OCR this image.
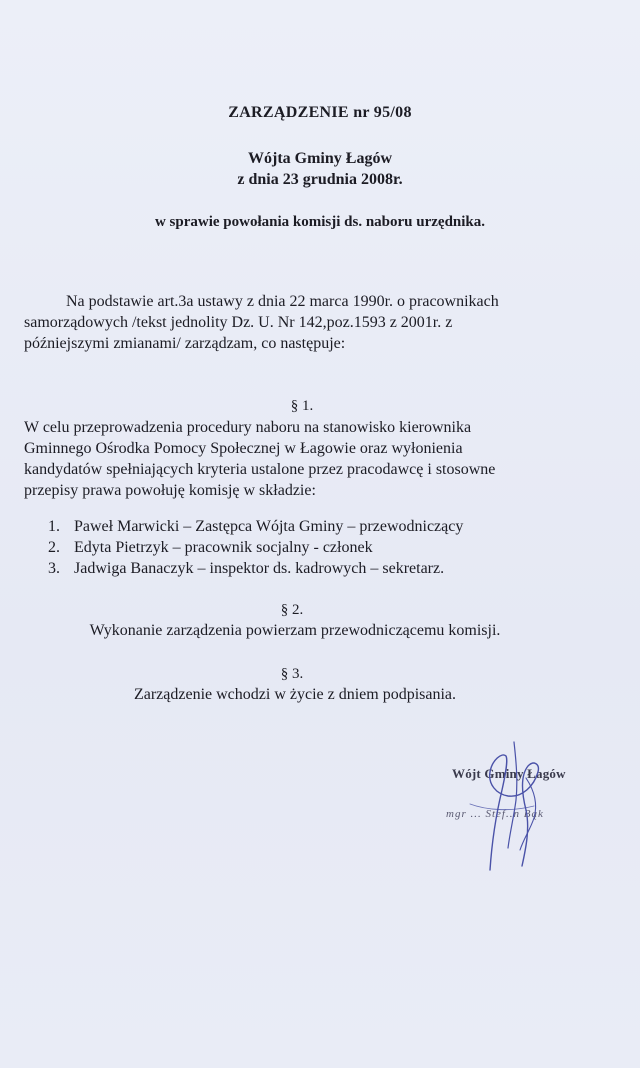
ZARZĄDZENIE nr 95/08
Wójta Gminy Łagów
z dnia 23 grudnia 2008r.
w sprawie powołania komisji ds. naboru urzędnika.
Na podstawie art.3a ustawy z dnia 22 marca 1990r. o pracownikach
samorządowych /tekst jednolity Dz. U. Nr 142,poz.1593 z 2001r. z
późniejszymi zmianami/ zarządzam, co następuje:
§ 1.
W celu przeprowadzenia procedury naboru na stanowisko kierownika
Gminnego Ośrodka Pomocy Społecznej w Łagowie oraz wyłonienia
kandydatów spełniających kryteria ustalone przez pracodawcę i stosowne
przepisy prawa powołuję komisję w składzie:
1. Paweł Marwicki – Zastępca Wójta Gminy – przewodniczący
2. Edyta Pietrzyk – pracownik socjalny - członek
3. Jadwiga Banaczyk – inspektor ds. kadrowych – sekretarz.
§ 2.
Wykonanie zarządzenia powierzam przewodniczącemu komisji.
§ 3.
Zarządzenie wchodzi w życie z dniem podpisania.
Wójt Gminy Łagów
mgr ... Stef..n Bąk
